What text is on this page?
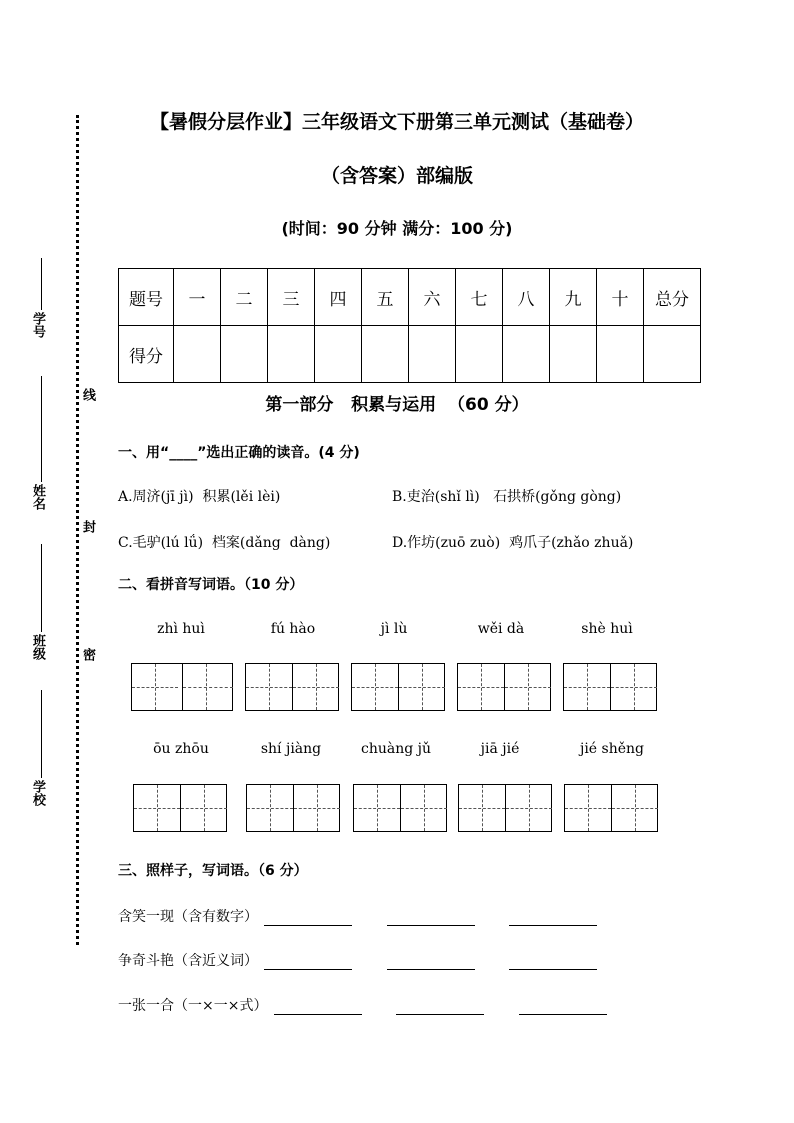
学号
姓名
班级
学校
线
封
密
【暑假分层作业】三年级语文下册第三单元测试（基础卷）
（含答案）部编版
(时间：90 分钟 满分：100 分)
题号	一	二	三	四	五	六	七	八	九	十	总分
得分											
第一部分   积累与运用  （60 分）
一、用“____”选出正确的读音。(4 分)
A.周济(jī jì)  积累(lěi lèi)	B.吏治(shǐ lì)   石拱桥(gǒng gòng)
C.毛驴(lú lǘ)  档案(dǎng  dàng)	D.作坊(zuō zuò)  鸡爪子(zhǎo zhuǎ)
二、看拼音写词语。（10 分）
zhì huì	fú hào	jì lù	wěi dà	shè huì
ōu zhōu	shí jiàng	chuàng jǔ	jiā jié	jié shěng
三、照样子，写词语。（6 分）
含笑一现（含有数字）
争奇斗艳（含近义词）
一张一合（一×一×式）
